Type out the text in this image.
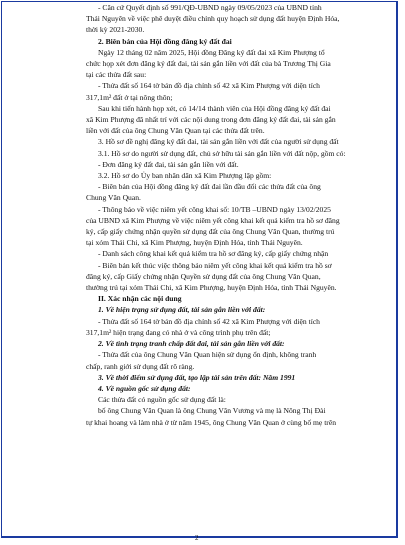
- Căn cứ Quyết định số 991/QĐ-UBND ngày 09/05/2023 của UBND tỉnh
Thái Nguyên về việc phê duyệt điều chỉnh quy hoạch sử dụng đất huyện Định Hóa,
thời kỳ 2021-2030.
2. Biên bản của Hội đồng đăng ký đất đai
Ngày 12 tháng 02 năm 2025, Hội đồng Đăng ký đất đai xã Kim Phượng tổ
chức họp xét đơn đăng ký đất đai, tài sản gắn liền với đất của bà Trương Thị Gia
tại các thửa đất sau:
- Thửa đất số 164 tờ bản đồ địa chính số 42 xã Kim Phượng với diện tích
317,1m² đất ở tại nông thôn;
Sau khi tiến hành họp xét, có 14/14 thành viên của Hội đồng đăng ký đất đai
xã Kim Phượng đã nhất trí với các nội dung trong đơn đăng ký đất đai, tài sản gắn
liền với đất của ông Chung Văn Quan tại các thửa đất trên.
3. Hồ sơ đề nghị đăng ký đất đai, tài sản gắn liền với đất của người sử dụng đất
3.1. Hồ sơ do người sử dụng đất, chủ sở hữu tài sản gắn liền với đất nộp, gồm có:
- Đơn đăng ký đất đai, tài sản gắn liền với đất.
3.2. Hồ sơ do Ủy ban nhân dân xã Kim Phượng lập gồm:
- Biên bản của Hội đồng đăng ký đất đai lần đầu đối các thửa đất của ông
Chung Văn Quan.
- Thông báo về việc niêm yết công khai số: 10/TB –UBND ngày 13/02/2025
của UBND xã Kim Phượng về việc niêm yết công khai kết quả kiểm tra hồ sơ đăng
ký, cấp giấy chứng nhận quyền sử dụng đất của ông Chung Văn Quan, thường trú
tại xóm Thái Chi, xã Kim Phượng, huyện Định Hóa, tỉnh Thái Nguyên.
- Danh sách công khai kết quả kiểm tra hồ sơ đăng ký, cấp giấy chứng nhận
- Biên bản kết thúc việc thông báo niêm yết công khai kết quả kiểm tra hồ sơ
đăng ký, cấp Giấy chứng nhận Quyền sử dụng đất của ông Chung Văn Quan,
thường trú tại xóm Thái Chi, xã Kim Phượng, huyện Định Hóa, tỉnh Thái Nguyên.
II. Xác nhận các nội dung
1. Về hiện trạng sử dụng đất, tài sản gắn liền với đất:
- Thửa đất số 164 tờ bản đồ địa chính số 42 xã Kim Phượng với diện tích
317,1m² hiện trạng đang có nhà ở và công trình phụ trên đất;
2. Về tình trạng tranh chấp đất đai, tài sản gắn liền với đất:
- Thửa đất của ông Chung Văn Quan hiện sử dụng ổn định, không tranh
chấp, ranh giới sử dụng đất rõ ràng.
3. Về thời điểm sử dụng đất, tạo lập tài sản trên đất: Năm 1991
4. Về nguồn gốc sử dụng đất:
Các thửa đất có nguồn gốc sử dụng đất là:
bố ông Chung Văn Quan là ông Chung Văn Vương và mẹ là Nông Thị Đài
tự khai hoang và làm nhà ở từ năm 1945, ông Chung Văn Quan ở cùng bố mẹ trên
2
